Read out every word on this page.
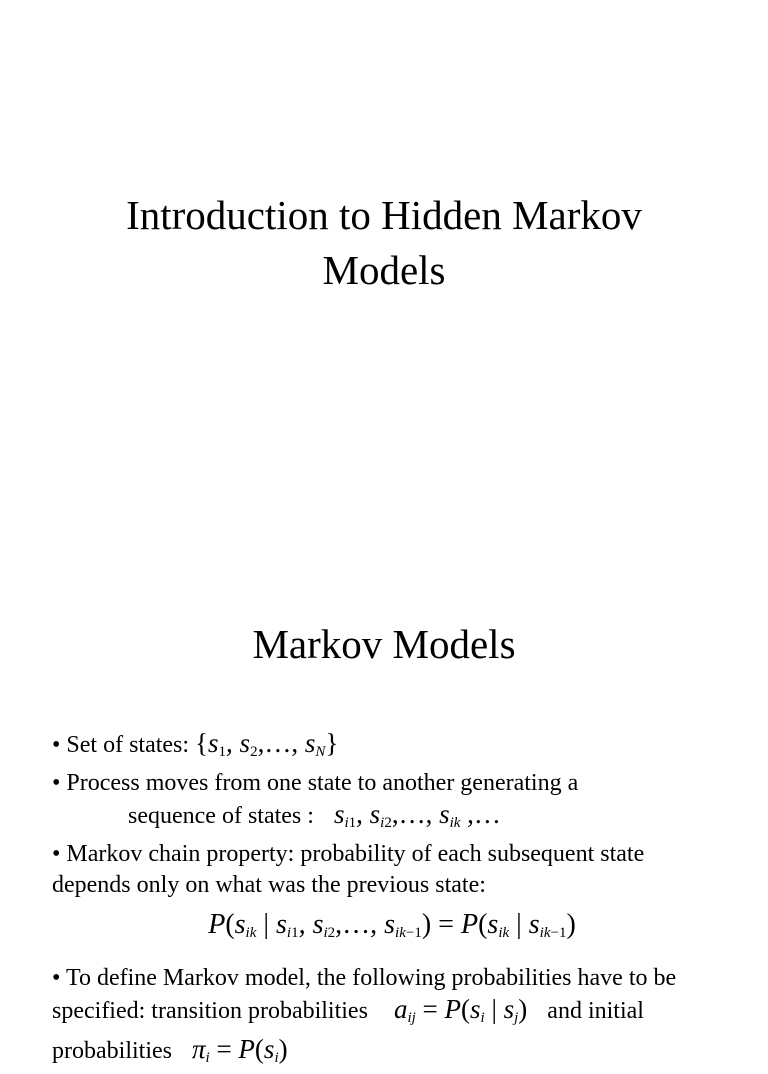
Introduction to Hidden Markov
Models
Markov Models
• Set of states: {$s_1$, $s_2,\dots$, $s_N$}
• Process moves from one state to another generating a
sequence of states : $s_{i1}$, $s_{i2},\dots$, $s_{ik}$ ,…
• Markov chain property: probability of each subsequent state
depends only on what was the previous state:
$P(s_{ik}$ | $s_{i1}$, $s_{i2},\dots$, $s_{ik-1}) = P(s_{ik}$ | $s_{ik-1}$)
• To define Markov model, the following probabilities have to be
specified: transition probabilities $a_{ij} = P(s_i$ | $s_j$) and initial
probabilities $\pi_i = P(s_i)$
